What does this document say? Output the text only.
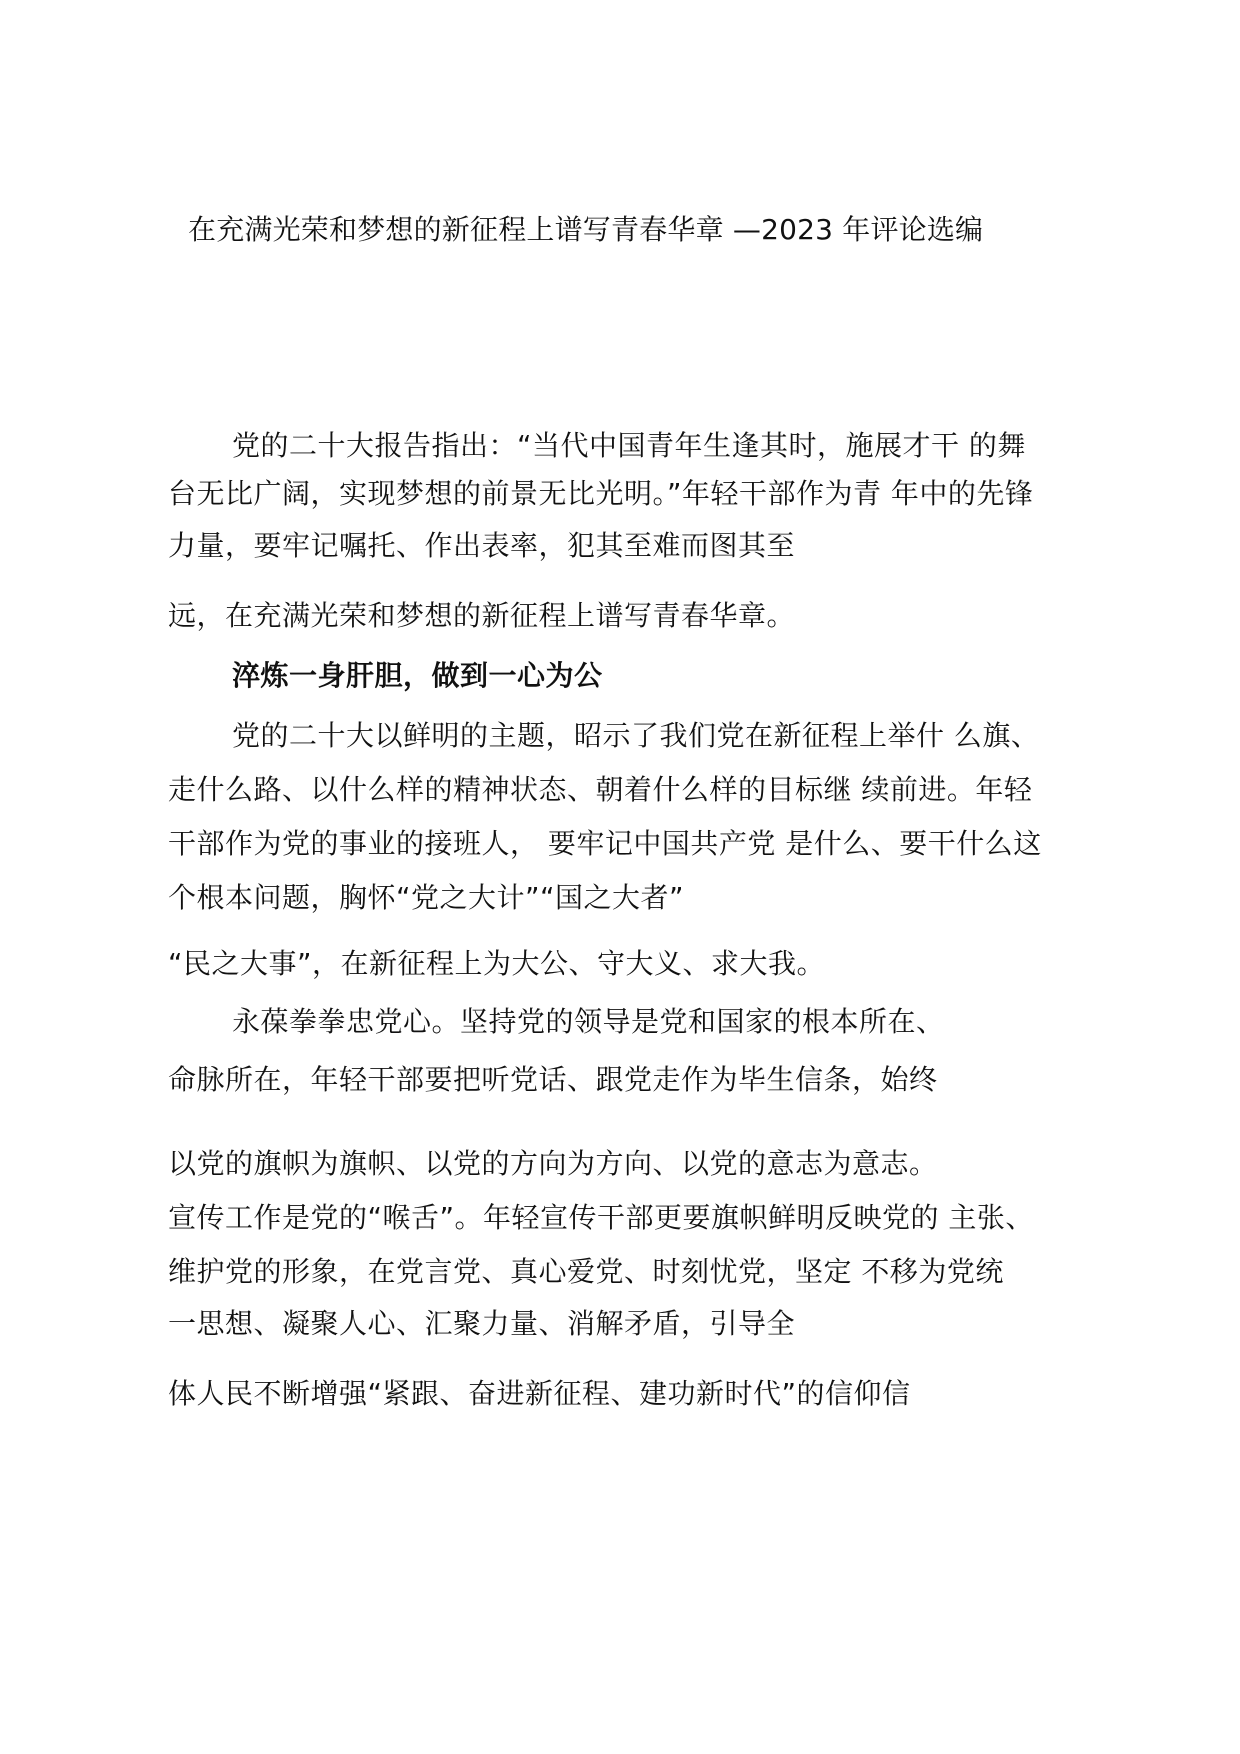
在充满光荣和梦想的新征程上谱写青春华章 —2023 年评论选编
党的二十大报告指出：“当代中国青年生逢其时，施展才干 的舞
台无比广阔，实现梦想的前景无比光明。”年轻干部作为青 年中的先锋
力量，要牢记嘱托、作出表率，犯其至难而图其至
远，在充满光荣和梦想的新征程上谱写青春华章。
淬炼一身肝胆，做到一心为公
党的二十大以鲜明的主题，昭示了我们党在新征程上举什 么旗、
走什么路、以什么样的精神状态、朝着什么样的目标继 续前进。年轻
干部作为党的事业的接班人， 要牢记中国共产党 是什么、要干什么这
个根本问题，胸怀“党之大计”“国之大者”
“民之大事”，在新征程上为大公、守大义、求大我。
永葆拳拳忠党心。坚持党的领导是党和国家的根本所在、
命脉所在，年轻干部要把听党话、跟党走作为毕生信条，始终
以党的旗帜为旗帜、以党的方向为方向、以党的意志为意志。
宣传工作是党的“喉舌”。年轻宣传干部更要旗帜鲜明反映党的 主张、
维护党的形象，在党言党、真心爱党、时刻忧党，坚定 不移为党统
一思想、凝聚人心、汇聚力量、消解矛盾，引导全
体人民不断增强“紧跟、奋进新征程、建功新时代”的信仰信
